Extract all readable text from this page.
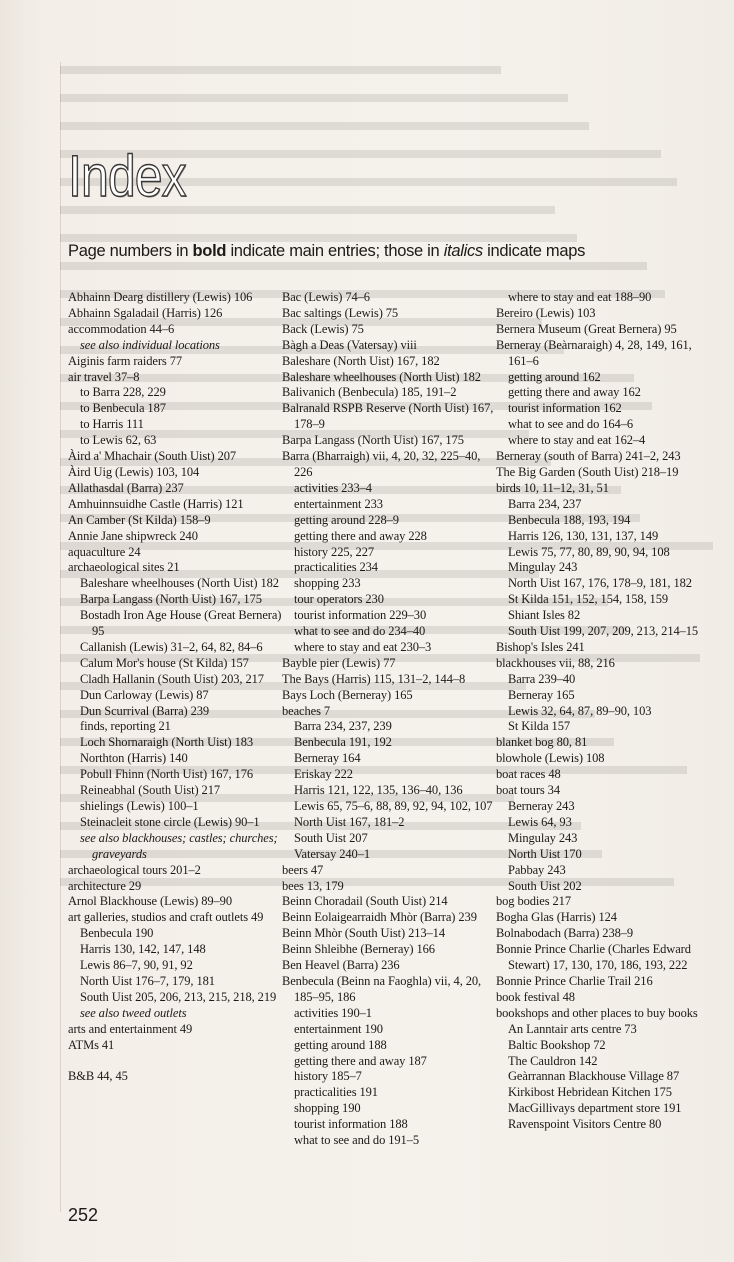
Index

Page numbers in bold indicate main entries; those in italics indicate maps

Abhainn Dearg distillery (Lewis) 106
Abhainn Sgaladail (Harris) 126
accommodation 44–6
see also individual locations
Aiginis farm raiders 77
air travel 37–8
to Barra 228, 229
to Benbecula 187
to Harris 111
to Lewis 62, 63
Àird a' Mhachair (South Uist) 207
Àird Uig (Lewis) 103, 104
Allathasdal (Barra) 237
Amhuinnsuidhe Castle (Harris) 121
An Camber (St Kilda) 158–9
Annie Jane shipwreck 240
aquaculture 24
archaeological sites 21
Baleshare wheelhouses (North Uist) 182
Barpa Langass (North Uist) 167, 175
Bostadh Iron Age House (Great Bernera) 95
Callanish (Lewis) 31–2, 64, 82, 84–6
Calum Mor's house (St Kilda) 157
Cladh Hallanin (South Uist) 203, 217
Dun Carloway (Lewis) 87
Dun Scurrival (Barra) 239
finds, reporting 21
Loch Shornaraigh (North Uist) 183
Northton (Harris) 140
Pobull Fhinn (North Uist) 167, 176
Reineabhal (South Uist) 217
shielings (Lewis) 100–1
Steinacleit stone circle (Lewis) 90–1
see also blackhouses; castles; churches; graveyards
archaeological tours 201–2
architecture 29
Arnol Blackhouse (Lewis) 89–90
art galleries, studios and craft outlets 49
Benbecula 190
Harris 130, 142, 147, 148
Lewis 86–7, 90, 91, 92
North Uist 176–7, 179, 181
South Uist 205, 206, 213, 215, 218, 219
see also tweed outlets
arts and entertainment 49
ATMs 41
B&B 44, 45
Bac (Lewis) 74–6
Bac saltings (Lewis) 75
Back (Lewis) 75
Bàgh a Deas (Vatersay) viii
Baleshare (North Uist) 167, 182
Baleshare wheelhouses (North Uist) 182
Balivanich (Benbecula) 185, 191–2
Balranald RSPB Reserve (North Uist) 167, 178–9
Barpa Langass (North Uist) 167, 175
Barra (Bharraigh) vii, 4, 20, 32, 225–40, 226
activities 233–4
entertainment 233
getting around 228–9
getting there and away 228
history 225, 227
practicalities 234
shopping 233
tour operators 230
tourist information 229–30
what to see and do 234–40
where to stay and eat 230–3
Bayble pier (Lewis) 77
The Bays (Harris) 115, 131–2, 144–8
Bays Loch (Berneray) 165
beaches 7
Barra 234, 237, 239
Benbecula 191, 192
Berneray 164
Eriskay 222
Harris 121, 122, 135, 136–40, 136
Lewis 65, 75–6, 88, 89, 92, 94, 102, 107
North Uist 167, 181–2
South Uist 207
Vatersay 240–1
beers 47
bees 13, 179
Beinn Choradail (South Uist) 214
Beinn Eolaigearraidh Mhòr (Barra) 239
Beinn Mhòr (South Uist) 213–14
Beinn Shleibhe (Berneray) 166
Ben Heavel (Barra) 236
Benbecula (Beinn na Faoghla) vii, 4, 20, 185–95, 186
activities 190–1
entertainment 190
getting around 188
getting there and away 187
history 185–7
practicalities 191
shopping 190
tourist information 188
what to see and do 191–5
where to stay and eat 188–90
Bereiro (Lewis) 103
Bernera Museum (Great Bernera) 95
Berneray (Beàrnaraigh) 4, 28, 149, 161, 161–6
getting around 162
getting there and away 162
tourist information 162
what to see and do 164–6
where to stay and eat 162–4
Berneray (south of Barra) 241–2, 243
The Big Garden (South Uist) 218–19
birds 10, 11–12, 31, 51
Barra 234, 237
Benbecula 188, 193, 194
Harris 126, 130, 131, 137, 149
Lewis 75, 77, 80, 89, 90, 94, 108
Mingulay 243
North Uist 167, 176, 178–9, 181, 182
St Kilda 151, 152, 154, 158, 159
Shiant Isles 82
South Uist 199, 207, 209, 213, 214–15
Bishop's Isles 241
blackhouses vii, 88, 216
Barra 239–40
Berneray 165
Lewis 32, 64, 87, 89–90, 103
St Kilda 157
blanket bog 80, 81
blowhole (Lewis) 108
boat races 48
boat tours 34
Berneray 243
Lewis 64, 93
Mingulay 243
North Uist 170
Pabbay 243
South Uist 202
bog bodies 217
Bogha Glas (Harris) 124
Bolnabodach (Barra) 238–9
Bonnie Prince Charlie (Charles Edward Stewart) 17, 130, 170, 186, 193, 222
Bonnie Prince Charlie Trail 216
book festival 48
bookshops and other places to buy books
An Lanntair arts centre 73
Baltic Bookshop 72
The Cauldron 142
Geàrrannan Blackhouse Village 87
Kirkibost Hebridean Kitchen 175
MacGillivays department store 191
Ravenspoint Visitors Centre 80
252
